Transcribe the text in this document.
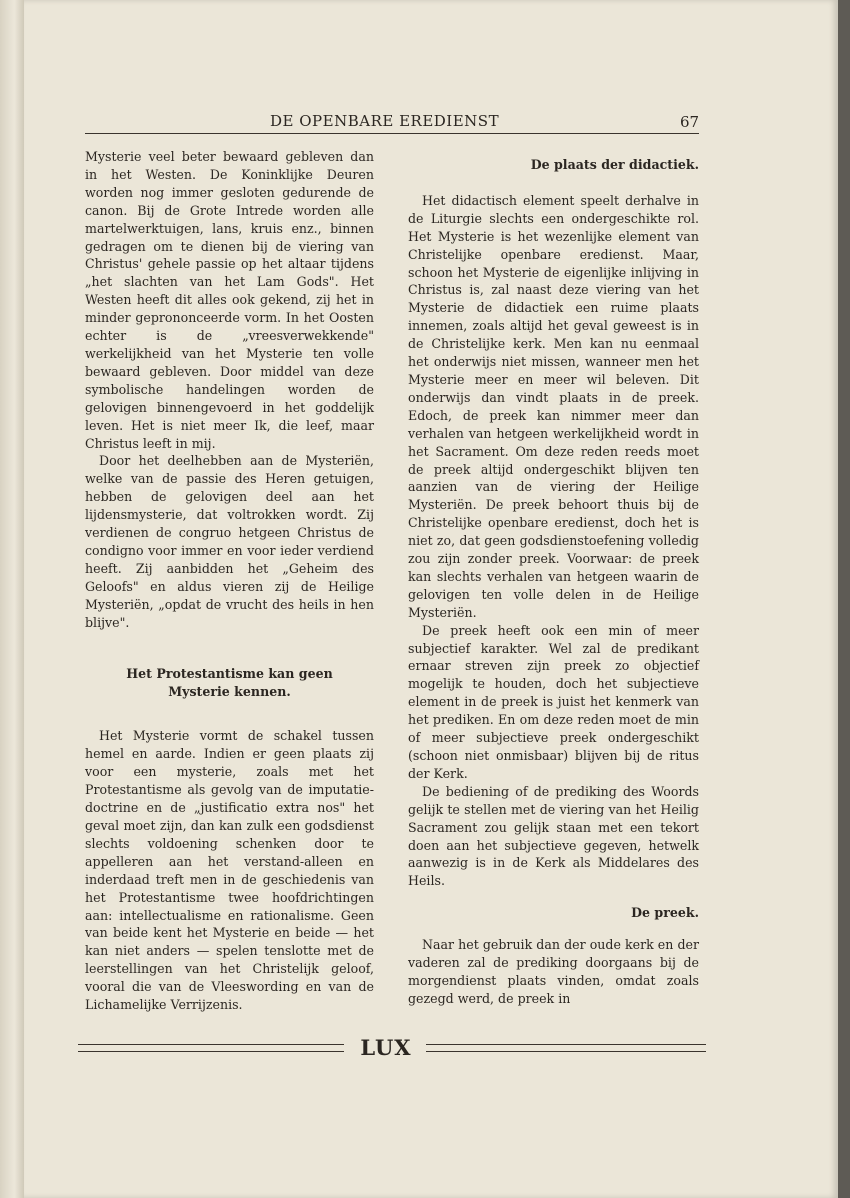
DE OPENBARE EREDIENST	67

Mysterie veel beter bewaard gebleven dan in het Westen. De Koninklijke Deuren worden nog immer gesloten gedurende de canon. Bij de Grote Intrede worden alle martelwerktuigen, lans, kruis enz., binnen gedragen om te dienen bij de viering van Christus' gehele passie op het altaar tijdens „het slachten van het Lam Gods". Het Westen heeft dit alles ook gekend, zij het in minder geprononceerde vorm. In het Oosten echter is de „vreesverwekkende" werkelijkheid van het Mysterie ten volle bewaard gebleven. Door middel van deze symbolische handelingen worden de gelovigen binnengevoerd in het goddelijk leven. Het is niet meer Ik, die leef, maar Christus leeft in mij.

Door het deelhebben aan de Mysteriën, welke van de passie des Heren getuigen, hebben de gelovigen deel aan het lijdensmysterie, dat voltrokken wordt. Zij verdienen de congruo hetgeen Christus de condigno voor immer en voor ieder verdiend heeft. Zij aanbidden het „Geheim des Geloofs" en aldus vieren zij de Heilige Mysteriën, „opdat de vrucht des heils in hen blijve".

Het Protestantisme kan geen
Mysterie kennen.

Het Mysterie vormt de schakel tussen hemel en aarde. Indien er geen plaats zij voor een mysterie, zoals met het Protestantisme als gevolg van de imputatie-doctrine en de „justificatio extra nos" het geval moet zijn, dan kan zulk een godsdienst slechts voldoening schenken door te appelleren aan het verstand-alleen en inderdaad treft men in de geschiedenis van het Protestantisme twee hoofdrichtingen aan: intellectualisme en rationalisme. Geen van beide kent het Mysterie en beide — het kan niet anders — spelen tenslotte met de leerstellingen van het Christelijk geloof, vooral die van de Vleeswording en van de Lichamelijke Verrijzenis.

De plaats der didactiek.

Het didactisch element speelt derhalve in de Liturgie slechts een ondergeschikte rol. Het Mysterie is het wezenlijke element van Christelijke openbare eredienst. Maar, schoon het Mysterie de eigenlijke inlijving in Christus is, zal naast deze viering van het Mysterie de didactiek een ruime plaats innemen, zoals altijd het geval geweest is in de Christelijke kerk. Men kan nu eenmaal het onderwijs niet missen, wanneer men het Mysterie meer en meer wil beleven. Dit onderwijs dan vindt plaats in de preek. Edoch, de preek kan nimmer meer dan verhalen van hetgeen werkelijkheid wordt in het Sacrament. Om deze reden reeds moet de preek altijd ondergeschikt blijven ten aanzien van de viering der Heilige Mysteriën. De preek behoort thuis bij de Christelijke openbare eredienst, doch het is niet zo, dat geen godsdienstoefening volledig zou zijn zonder preek. Voorwaar: de preek kan slechts verhalen van hetgeen waarin de gelovigen ten volle delen in de Heilige Mysteriën.

De preek heeft ook een min of meer subjectief karakter. Wel zal de predikant ernaar streven zijn preek zo objectief mogelijk te houden, doch het subjectieve element in de preek is juist het kenmerk van het prediken. En om deze reden moet de min of meer subjectieve preek ondergeschikt (schoon niet onmisbaar) blijven bij de ritus der Kerk.

De bediening of de prediking des Woords gelijk te stellen met de viering van het Heilig Sacrament zou gelijk staan met een tekort doen aan het subjectieve gegeven, hetwelk aanwezig is in de Kerk als Middelares des Heils.

De preek.

Naar het gebruik dan der oude kerk en der vaderen zal de prediking doorgaans bij de morgendienst plaats vinden, omdat zoals gezegd werd, de preek in

LUX
